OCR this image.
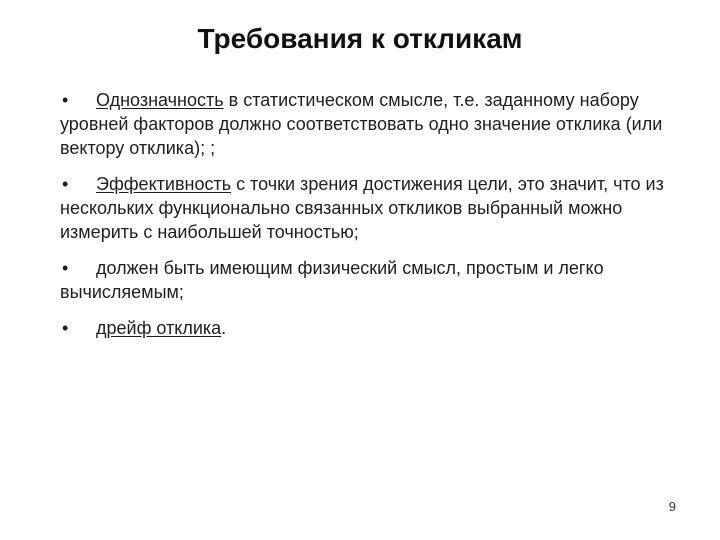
Требования к откликам
•	Однозначность в статистическом смысле, т.е. заданному набору уровней факторов должно соответствовать одно значение отклика (или вектору отклика); ;
•	Эффективность с точки зрения достижения цели, это значит, что из нескольких функционально связанных откликов выбранный можно измерить с наибольшей точностью;
•	должен быть имеющим физический смысл, простым и легко вычисляемым;
•	дрейф отклика.
9
